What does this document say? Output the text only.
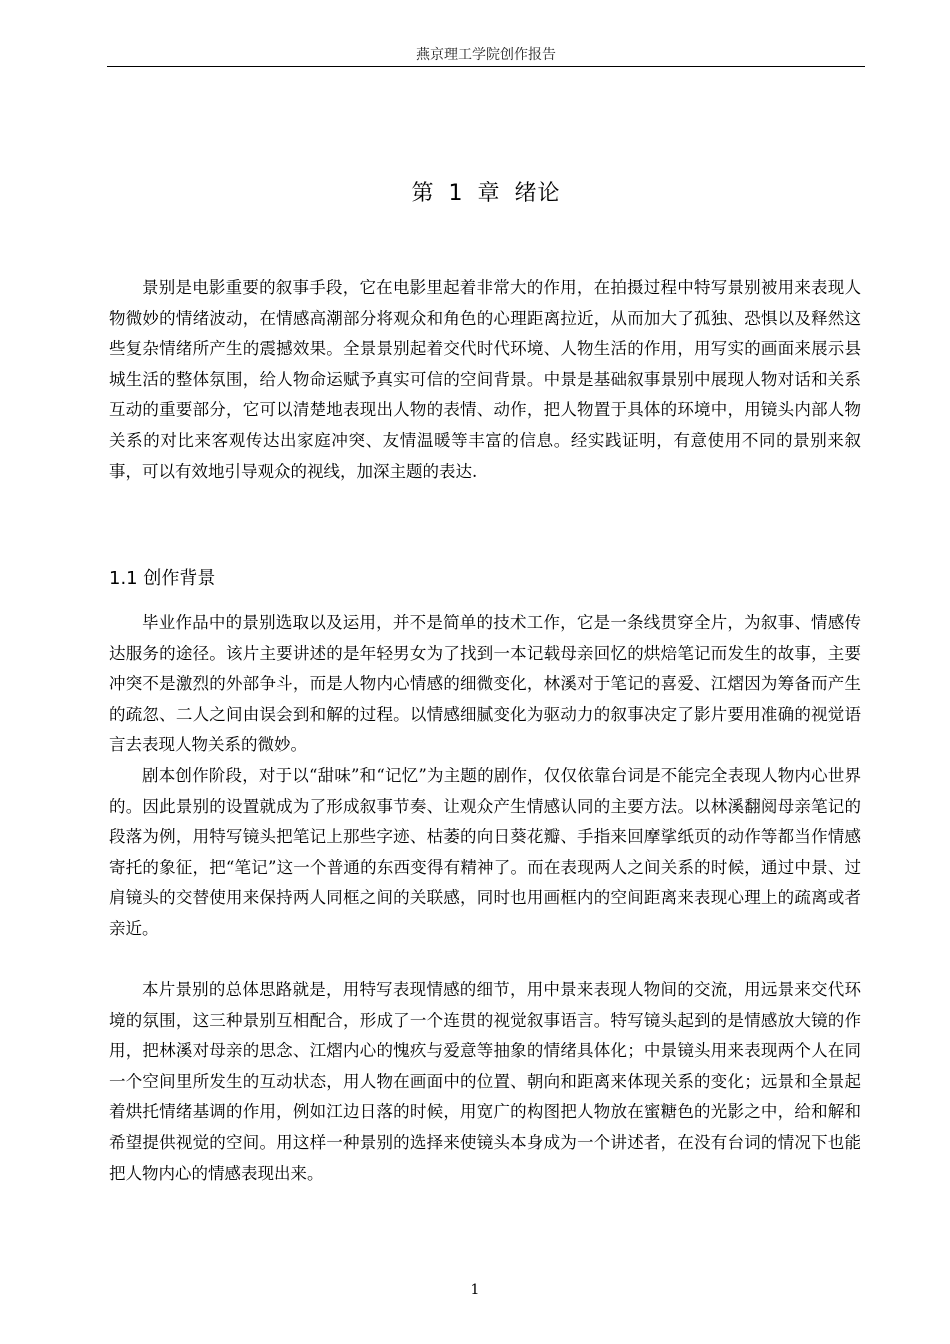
燕京理工学院创作报告
第 1 章 绪论

景别是电影重要的叙事手段，它在电影里起着非常大的作用，在拍摄过程中特写景别被用来表现人物微妙的情绪波动，在情感高潮部分将观众和角色的心理距离拉近，从而加大了孤独、恐惧以及释然这些复杂情绪所产生的震撼效果。全景景别起着交代时代环境、人物生活的作用，用写实的画面来展示县城生活的整体氛围，给人物命运赋予真实可信的空间背景。中景是基础叙事景别中展现人物对话和关系互动的重要部分，它可以清楚地表现出人物的表情、动作，把人物置于具体的环境中，用镜头内部人物关系的对比来客观传达出家庭冲突、友情温暖等丰富的信息。经实践证明，有意使用不同的景别来叙事，可以有效地引导观众的视线，加深主题的表达.

1.1 创作背景

毕业作品中的景别选取以及运用，并不是简单的技术工作，它是一条线贯穿全片，为叙事、情感传达服务的途径。该片主要讲述的是年轻男女为了找到一本记载母亲回忆的烘焙笔记而发生的故事，主要冲突不是激烈的外部争斗，而是人物内心情感的细微变化，林溪对于笔记的喜爱、江熠因为筹备而产生的疏忽、二人之间由误会到和解的过程。以情感细腻变化为驱动力的叙事决定了影片要用准确的视觉语言去表现人物关系的微妙。

剧本创作阶段，对于以“甜味”和“记忆”为主题的剧作，仅仅依靠台词是不能完全表现人物内心世界的。因此景别的设置就成为了形成叙事节奏、让观众产生情感认同的主要方法。以林溪翻阅母亲笔记的段落为例，用特写镜头把笔记上那些字迹、枯萎的向日葵花瓣、手指来回摩挲纸页的动作等都当作情感寄托的象征，把“笔记”这一个普通的东西变得有精神了。而在表现两人之间关系的时候，通过中景、过肩镜头的交替使用来保持两人同框之间的关联感，同时也用画框内的空间距离来表现心理上的疏离或者亲近。

本片景别的总体思路就是，用特写表现情感的细节，用中景来表现人物间的交流，用远景来交代环境的氛围，这三种景别互相配合，形成了一个连贯的视觉叙事语言。特写镜头起到的是情感放大镜的作用，把林溪对母亲的思念、江熠内心的愧疚与爱意等抽象的情绪具体化；中景镜头用来表现两个人在同一个空间里所发生的互动状态，用人物在画面中的位置、朝向和距离来体现关系的变化；远景和全景起着烘托情绪基调的作用，例如江边日落的时候，用宽广的构图把人物放在蜜糖色的光影之中，给和解和希望提供视觉的空间。用这样一种景别的选择来使镜头本身成为一个讲述者，在没有台词的情况下也能把人物内心的情感表现出来。

1
